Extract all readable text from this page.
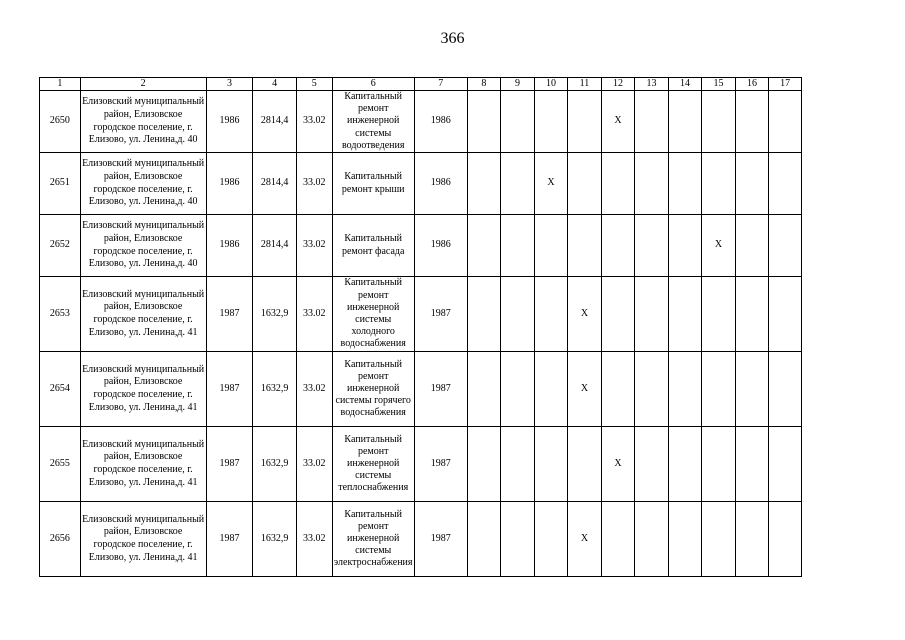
366
1	2	3	4	5	6	7	8	9	10	11	12	13	14	15	16	17
2650	Елизовский муниципальный район, Елизовское городское поселение, г. Елизово, ул. Ленина,д. 40	1986	2814,4	33.02	Капитальный ремонт инженерной системы водоотведения	1986					X					
2651	Елизовский муниципальный район, Елизовское городское поселение, г. Елизово, ул. Ленина,д. 40	1986	2814,4	33.02	Капитальный ремонт крыши	1986			X							
2652	Елизовский муниципальный район, Елизовское городское поселение, г. Елизово, ул. Ленина,д. 40	1986	2814,4	33.02	Капитальный ремонт фасада	1986								X		
2653	Елизовский муниципальный район, Елизовское городское поселение, г. Елизово, ул. Ленина,д. 41	1987	1632,9	33.02	Капитальный ремонт инженерной системы холодного водоснабжения	1987				X						
2654	Елизовский муниципальный район, Елизовское городское поселение, г. Елизово, ул. Ленина,д. 41	1987	1632,9	33.02	Капитальный ремонт инженерной системы горячего водоснабжения	1987				X						
2655	Елизовский муниципальный район, Елизовское городское поселение, г. Елизово, ул. Ленина,д. 41	1987	1632,9	33.02	Капитальный ремонт инженерной системы теплоснабжения	1987					X					
2656	Елизовский муниципальный район, Елизовское городское поселение, г. Елизово, ул. Ленина,д. 41	1987	1632,9	33.02	Капитальный ремонт инженерной системы электроснабжения	1987				X						
